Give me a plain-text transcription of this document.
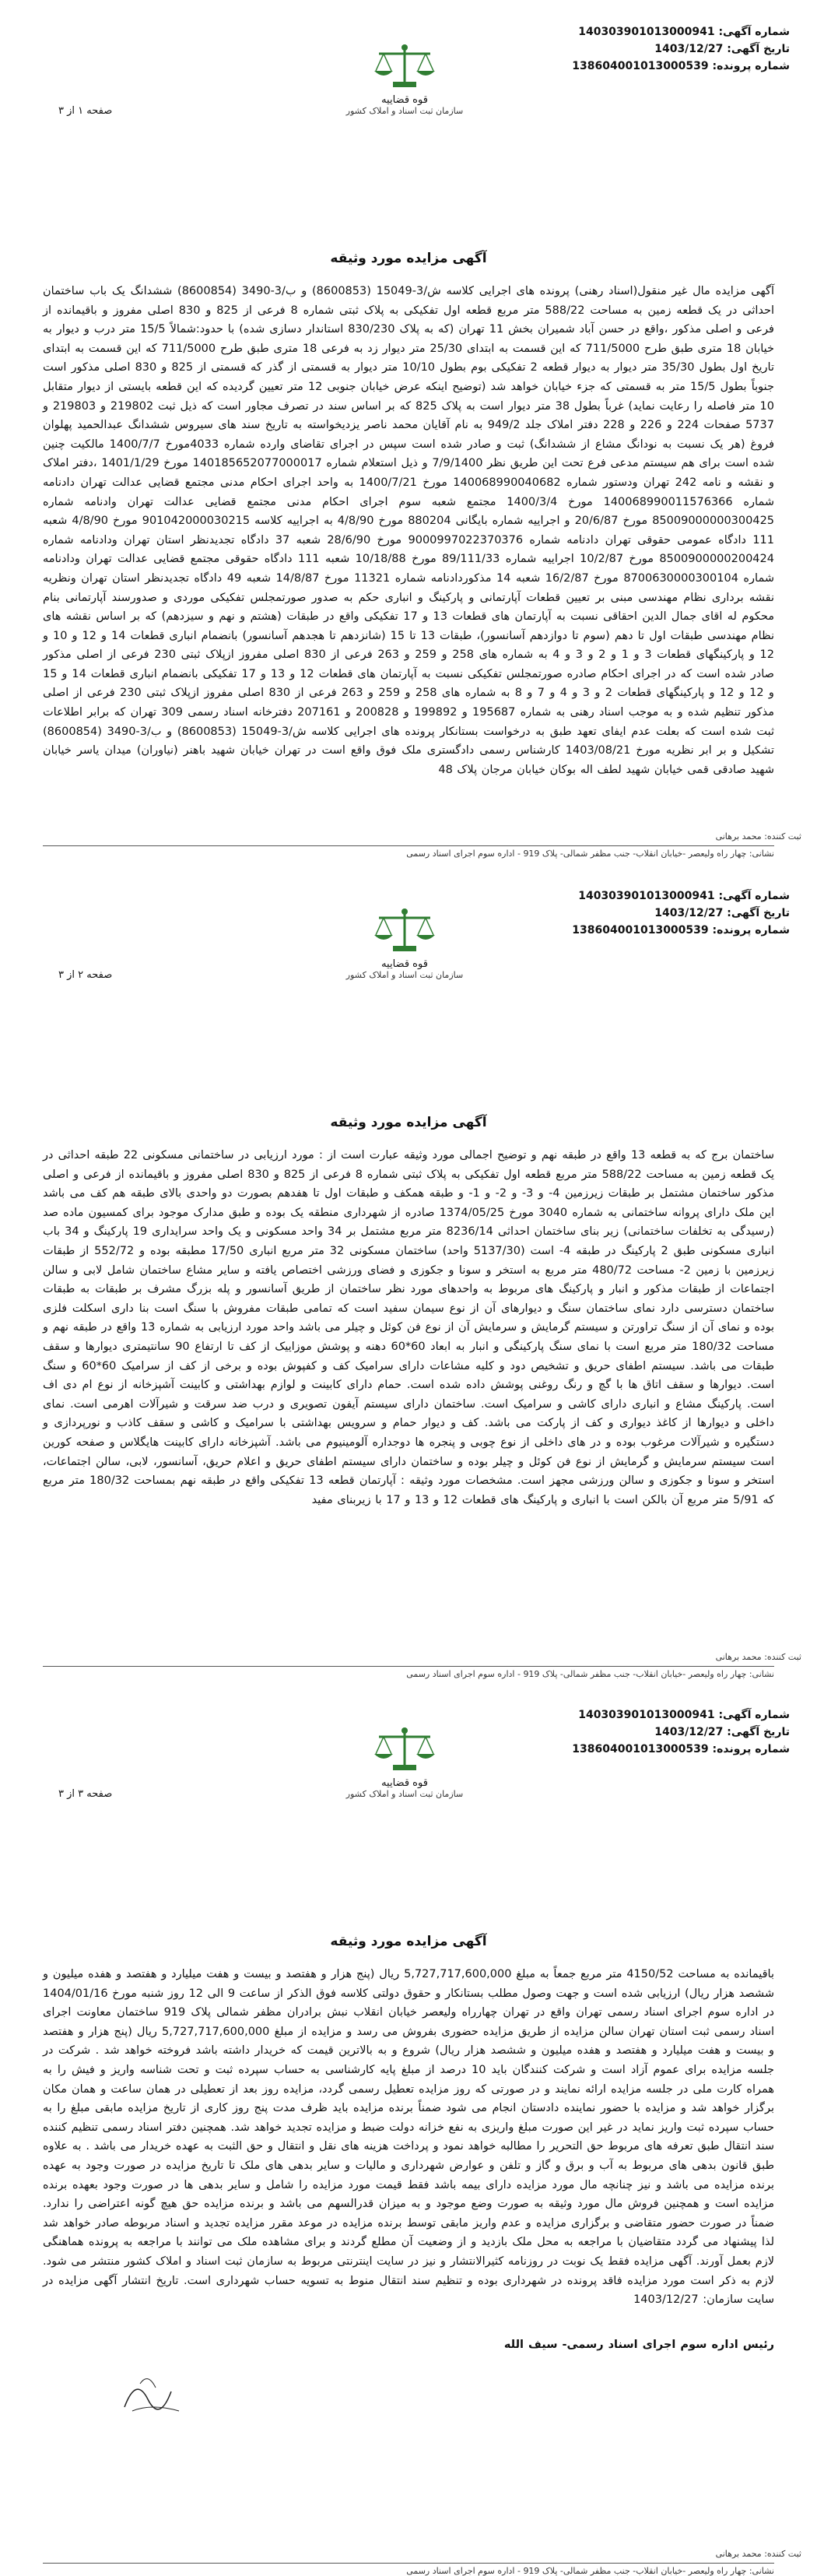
شماره آگهی: 140303901013000941
تاریخ آگهی: 1403/12/27
شماره پرونده: 138604001013000539
قوه قضاییه
سازمان ثبت اسناد و املاک کشور
صفحه ۱ از ۳
آگهی مزایده مورد وثیقه
آگهی مزایده مال غیر منقول(اسناد رهنی) پرونده های اجرایی کلاسه ش/3-15049 (8600853) و ب/3-3490 (8600854) ششدانگ یک باب ساختمان احداثی در یک قطعه زمین به مساحت 588/22 متر مربع قطعه اول تفکیکی به پلاک ثبتی شماره 8 فرعی از 825 و 830 اصلی مفروز و باقیمانده از فرعی و اصلی مذکور ،واقع در حسن آباد شمیران بخش 11 تهران (که به پلاک 830/230 استاندار دسازی شده) با حدود:شمالاً 15/5 متر درب و دیوار به خیابان 18 متری طبق طرح 711/5000 که این قسمت به ابتدای 25/30 متر دیوار زد به فرعی 18 متری طبق طرح 711/5000 که این قسمت به ابتدای تاریخ اول بطول 35/30 متر دیوار به دیوار قطعه 2 تفکیکی بوم بطول 10/10 متر دیوار به قسمتی از گذر که قسمتی از 825 و 830 اصلی مذکور است جنوباً بطول 15/5 متر به قسمتی که جزء خیابان خواهد شد (توضیح اینکه عرض خیابان جنوبی 12 متر تعیین گردیده که این قطعه بایستی از دیوار متقابل 10 متر فاصله را رعایت نماید) غرباً بطول 38 متر دیوار است به پلاک 825 که بر اساس سند در تصرف مجاور است که ذیل ثبت 219802 و 219803 و 5737 صفحات 224 و 226 و 228 دفتر املاک جلد 949/2 به نام آقایان محمد ناصر یزدیخواسته به تاریخ سند های سیروس ششدانگ عبدالحمید پهلوان فروغ (هر یک نسبت به نودانگ مشاع از ششدانگ) ثبت و صادر شده است سپس در اجرای تقاضای وارده شماره 4033مورخ 1400/7/7 مالکیت چنین شده است برای هم سیستم مدعی فرع تحت این طریق نظر 7/9/1400 و ذیل استعلام شماره 140185652077000017 مورخ 1401/1/29 ،دفتر املاک و نقشه و نامه 242 تهران ودستور شماره 140068990040682 مورخ 1400/7/21 به واحد اجرای احکام مدنی مجتمع قضایی عدالت تهران دادنامه شماره 140068990011576366 مورخ 1400/3/4 مجتمع شعبه سوم اجرای احکام مدنی مجتمع قضایی عدالت تهران وادنامه شماره 85009000000300425 مورخ 20/6/87 و اجراییه شماره بایگانی 880204 مورخ 4/8/90 به اجراییه کلاسه 901042000030215 مورخ 4/8/90 شعبه 111 دادگاه عمومی حقوقی تهران دادنامه شماره 9000997022370376 مورخ 28/6/90 شعبه 37 دادگاه تجدیدنظر استان تهران ودادنامه شماره 8500900000200424 مورخ 10/2/87 اجراییه شماره 89/111/33 مورخ 10/18/88 شعبه 111 دادگاه حقوقی مجتمع قضایی عدالت تهران ودادنامه شماره 8700630000300104 مورخ 16/2/87 شعبه 14 مذکوردادنامه شماره 11321 مورخ 14/8/87 شعبه 49 دادگاه تجدیدنظر استان تهران ونظریه نقشه برداری نظام مهندسی مبنی بر تعیین قطعات آپارتمانی و پارکینگ و انباری حکم به صدور صورتمجلس تفکیکی موردی و صدورسند آپارتمانی بنام محکوم له اقای جمال الدین احقاقی نسبت به آپارتمان های قطعات 13 و 17 تفکیکی واقع در طبقات (هشتم و نهم و سیزدهم) که بر اساس نقشه های نظام مهندسی طبقات اول تا دهم (سوم تا دوازدهم آسانسور)، طبقات 13 تا 15 (شانزدهم تا هجدهم آسانسور) بانضمام انباری قطعات 14 و 12 و 10 و 12 و پارکینگهای قطعات 3 و 1 و 2 و 3 و 4 به شماره های 258 و 259 و 263 فرعی از 830 اصلی مفروز ازپلاک ثبتی 230 فرعی از اصلی مذکور صادر شده است که در اجرای احکام صادره صورتمجلس تفکیکی نسبت به آپارتمان های قطعات 12 و 13 و 17 تفکیکی بانضمام انباری قطعات 14 و 15 و 12 و 12 و پارکینگهای قطعات 2 و 3 و 4 و 7 و 8 به شماره های 258 و 259 و 263 فرعی از 830 اصلی مفروز ازپلاک ثبتی 230 فرعی از اصلی مذکور تنظیم شده و به موجب اسناد رهنی به شماره 195687 و 199892 و 200828 و 207161 دفترخانه اسناد رسمی 309 تهران که برابر اطلاعات ثبت شده است که بعلت عدم ایفای تعهد طبق به درخواست بستانکار پرونده های اجرایی کلاسه ش/3-15049 (8600853) و ب/3-3490 (8600854) تشکیل و بر ابر نظریه مورخ 1403/08/21 کارشناس رسمی دادگستری ملک فوق واقع است در تهران خیابان شهید باهنر (نیاوران) میدان یاسر خیابان شهید صادقی قمی خیابان شهید لطف اله بوکان خیابان مرجان پلاک 48
ثبت کننده: محمد برهانی
نشانی: چهار راه ولیعصر -خیابان انقلاب- جنب مظفر شمالی- پلاک 919 - اداره سوم اجرای اسناد رسمی
شماره آگهی: 140303901013000941
تاریخ آگهی: 1403/12/27
شماره پرونده: 138604001013000539
قوه قضاییه
سازمان ثبت اسناد و املاک کشور
صفحه ۲ از ۳
آگهی مزایده مورد وثیقه
ساختمان برج که به قطعه 13 واقع در طبقه نهم و توضیح اجمالی مورد وثیقه عبارت است از : مورد ارزیابی در ساختمانی مسکونی 22 طبقه احداثی در یک قطعه زمین به مساحت 588/22 متر مربع قطعه اول تفکیکی به پلاک ثبتی شماره 8 فرعی از 825 و 830 اصلی مفروز و باقیمانده از فرعی و اصلی مذکور ساختمان مشتمل بر طبقات زیرزمین 4- و 3- و 2- و 1- و طبقه همکف و طبقات اول تا هفدهم بصورت دو واحدی بالای طبقه هم کف می باشد این ملک دارای پروانه ساختمانی به شماره 3040 مورخ 1374/05/25 صادره از شهرداری منطقه یک بوده و طبق مدارک موجود برای کمسیون ماده صد (رسیدگی به تخلفات ساختمانی) زیر بنای ساختمان احداثی 8236/14 متر مربع مشتمل بر 34 واحد مسکونی و یک واحد سرایداری 19 پارکینگ و 34 باب انباری مسکونی طبق 2 پارکینگ در طبقه 4- است (5137/30 واحد) ساختمان مسکونی 32 متر مربع انباری 17/50 مطبقه بوده و 552/72 از طبقات زیرزمین با زمین 2- مساحت 480/72 متر مربع به استخر و سونا و جکوزی و فضای ورزشی اختصاص یافته و سایر مشاع ساختمان شامل لابی و سالن اجتماعات از طبقات مذکور و انبار و پارکینگ های مربوط به واحدهای مورد نظر ساختمان از طریق آسانسور و پله بزرگ مشرف بر طبقات به طبقات ساختمان دسترسی دارد نمای ساختمان سنگ و دیوارهای آن از نوع سیمان سفید است که تمامی طبقات مفروش با سنگ است بنا داری اسکلت فلزی بوده و نمای آن از سنگ تراورتن و سیستم گرمایش و سرمایش آن از نوع فن کوئل و چیلر می باشد واحد مورد ارزیابی به شماره 13 واقع در طبقه نهم و مساحت 180/32 متر مربع است با نمای سنگ پارکینگی و انبار به ابعاد 60*60 دهنه و پوشش موزاییک از کف تا ارتفاع 90 سانتیمتری دیوارها و سقف طبقات می باشد. سیستم اطفای حریق و تشخیص دود و کلیه مشاعات دارای سرامیک کف و کفپوش بوده و برخی از کف از سرامیک 60*60 و سنگ است. دیوارها و سقف اتاق ها با گچ و رنگ روغنی پوشش داده شده است. حمام دارای کابینت و لوازم بهداشتی و کابینت آشپزخانه از نوع ام دی اف است. پارکینگ مشاع و انباری دارای کاشی و سرامیک است. ساختمان دارای سیستم آیفون تصویری و درب ضد سرقت و شیرآلات اهرمی است. نمای داخلی و دیوارها از کاغذ دیواری و کف از پارکت می باشد. کف و دیوار حمام و سرویس بهداشتی با سرامیک و کاشی و سقف کاذب و نورپردازی و دستگیره و شیرآلات مرغوب بوده و در های داخلی از نوع چوبی و پنجره ها دوجداره آلومینیوم می باشد. آشپزخانه دارای کابینت هایگلاس و صفحه کورین است سیستم سرمایش و گرمایش از نوع فن کوئل و چیلر بوده و ساختمان دارای سیستم اطفای حریق و اعلام حریق، آسانسور، لابی، سالن اجتماعات، استخر و سونا و جکوزی و سالن ورزشی مجهز است. مشخصات مورد وثیقه : آپارتمان قطعه 13 تفکیکی واقع در طبقه نهم بمساحت 180/32 متر مربع که 5/91 متر مربع آن بالکن است با انباری و پارکینگ های قطعات 12 و 13 و 17 با زیربنای مفید
ثبت کننده: محمد برهانی
نشانی: چهار راه ولیعصر -خیابان انقلاب- جنب مظفر شمالی- پلاک 919 - اداره سوم اجرای اسناد رسمی
شماره آگهی: 140303901013000941
تاریخ آگهی: 1403/12/27
شماره پرونده: 138604001013000539
قوه قضاییه
سازمان ثبت اسناد و املاک کشور
صفحه ۳ از ۳
آگهی مزایده مورد وثیقه
باقیمانده به مساحت 4150/52 متر مربع جمعاً به مبلغ 5,727,717,600,000 ریال (پنج هزار و هفتصد و بیست و هفت میلیارد و هفتصد و هفده میلیون و ششصد هزار ریال) ارزیابی شده است و جهت وصول مطلب بستانکار و حقوق دولتی کلاسه فوق الذکر از ساعت 9 الی 12 روز شنبه مورخ 1404/01/16 در اداره سوم اجرای اسناد رسمی تهران واقع در تهران چهارراه ولیعصر خیابان انقلاب نبش برادران مظفر شمالی پلاک 919 ساختمان معاونت اجرای اسناد رسمی ثبت استان تهران سالن مزایده از طریق مزایده حضوری بفروش می رسد و مزایده از مبلغ 5,727,717,600,000 ریال (پنج هزار و هفتصد و بیست و هفت میلیارد و هفتصد و هفده میلیون و ششصد هزار ریال) شروع و به بالاترین قیمت که خریدار داشته باشد فروخته خواهد شد . شرکت در جلسه مزایده برای عموم آزاد است و شرکت کنندگان باید 10 درصد از مبلغ پایه کارشناسی به حساب سپرده ثبت و تحت شناسه واریز و فیش را به همراه کارت ملی در جلسه مزایده ارائه نمایند و در صورتی که روز مزایده تعطیل رسمی گردد، مزایده روز بعد از تعطیلی در همان ساعت و همان مکان برگزار خواهد شد و مزایده با حضور نماینده دادستان انجام می شود ضمناً برنده مزایده باید ظرف مدت پنج روز کاری از تاریخ مزایده مابقی مبلغ را به حساب سپرده ثبت واریز نماید در غیر این صورت مبلغ واریزی به نفع خزانه دولت ضبط و مزایده تجدید خواهد شد. همچنین دفتر اسناد رسمی تنظیم کننده سند انتقال طبق تعرفه های مربوط حق التحریر را مطالبه خواهد نمود و پرداخت هزینه های نقل و انتقال و حق الثبت به عهده خریدار می باشد . به علاوه طبق قانون بدهی های مربوط به آب و برق و گاز و تلفن و عوارض شهرداری و مالیات و سایر بدهی های ملک تا تاریخ مزایده در صورت وجود به عهده برنده مزایده می باشد و نیز چنانچه مال مورد مزایده دارای بیمه باشد فقط قیمت مورد مزایده را شامل و سایر بدهی ها در صورت وجود بعهده برنده مزایده است و همچنین فروش مال مورد وثیقه به صورت وضع موجود و به میزان قدرالسهم می باشد و برنده مزایده حق هیچ گونه اعتراضی را ندارد. ضمناً در صورت حضور متقاضی و برگزاری مزایده و عدم واریز مابقی توسط برنده مزایده در موعد مقرر مزایده تجدید و اسناد مربوطه صادر خواهد شد لذا پیشنهاد می گردد متقاضیان با مراجعه به محل ملک بازدید و از وضعیت آن مطلع گردند و برای مشاهده ملک می توانند با مراجعه به پرونده هماهنگی لازم بعمل آورند. آگهی مزایده فقط یک نوبت در روزنامه کثیرالانتشار و نیز در سایت اینترنتی مربوط به سازمان ثبت اسناد و املاک کشور منتشر می شود. لازم به ذکر است مورد مزایده فاقد پرونده در شهرداری بوده و تنظیم سند انتقال منوط به تسویه حساب شهرداری است. تاریخ انتشار آگهی مزایده در سایت سازمان: 1403/12/27
رئیس اداره سوم اجرای اسناد رسمی- سیف الله
ثبت کننده: محمد برهانی
نشانی: چهار راه ولیعصر -خیابان انقلاب- جنب مظفر شمالی- پلاک 919 - اداره سوم اجرای اسناد رسمی
